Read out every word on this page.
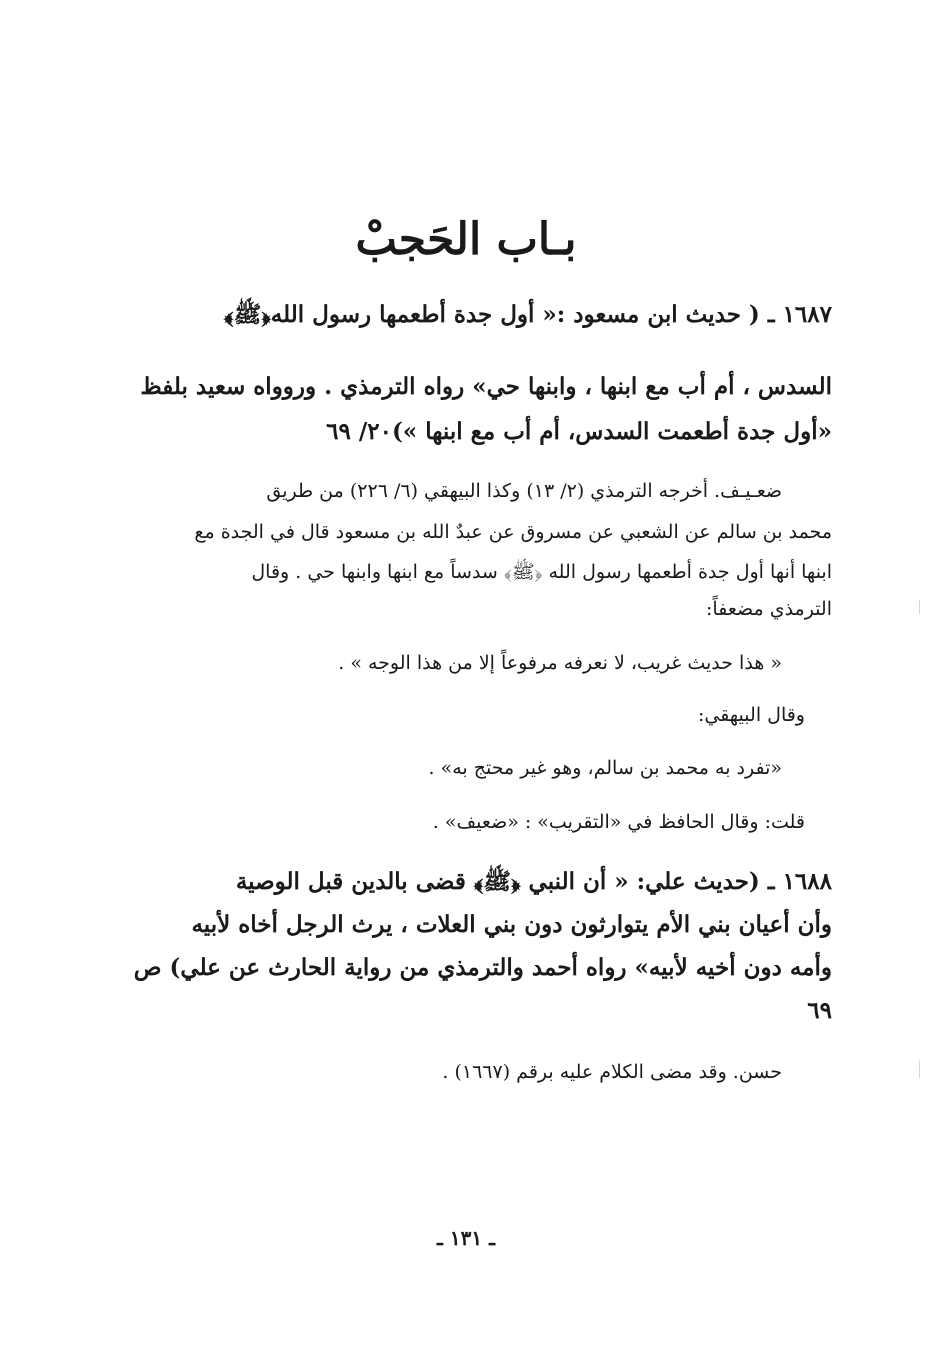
بـاب الحَجبْ
١٦٨٧ ـ ( حديث ابن مسعود :« أول جدة أطعمها رسول الله﴿ﷺ﴾
السدس ، أم أب مع ابنها ، وابنها حي» رواه الترمذي . وروواه سعيد بلفظ
«أول جدة أطعمت السدس، أم أب مع ابنها »)٢٠/ ٦٩
ضعـيـف. أخرجه الترمذي (٢/ ١٣) وكذا البيهقي (٦/ ٢٢٦) من طريق
محمد بن سالم عن الشعبي عن مسروق عن عبدٌ الله بن مسعود قال في الجدة مع
ابنها أنها أول جدة أطعمها رسول الله ﴿ﷺ﴾ سدساً مع ابنها وابنها حي . وقال
الترمذي مضعفاً:
« هذا حديث غريب، لا نعرفه مرفوعاً إلا من هذا الوجه » .
وقال البيهقي:
«تفرد به محمد بن سالم، وهو غير محتج به» .
قلت: وقال الحافظ في «التقريب» : «ضعيف» .
١٦٨٨ ـ (حديث علي: « أن النبي ﴿ﷺ﴾ قضى بالدين قبل الوصية
وأن أعيان بني الأم يتوارثون دون بني العلات ، يرث الرجل أخاه لأبيه
وأمه دون أخيه لأبيه» رواه أحمد والترمذي من رواية الحارث عن علي) ص
٦٩
حسن. وقد مضى الكلام عليه برقم (١٦٦٧) .
ـ ١٣١ ـ
